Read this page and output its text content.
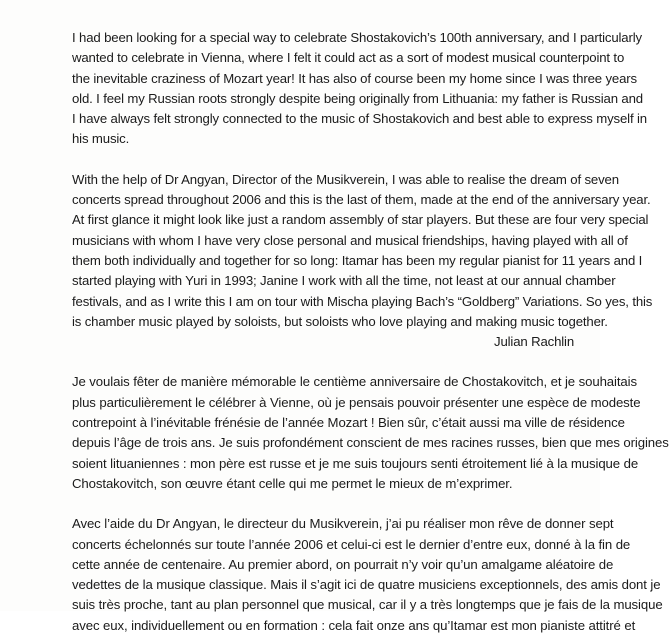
I had been looking for a special way to celebrate Shostakovich’s 100th anniversary, and I particularly
wanted to celebrate in Vienna, where I felt it could act as a sort of modest musical counterpoint to
the inevitable craziness of Mozart year! It has also of course been my home since I was three years
old. I feel my Russian roots strongly despite being originally from Lithuania: my father is Russian and
I have always felt strongly connected to the music of Shostakovich and best able to express myself in
his music.
With the help of Dr Angyan, Director of the Musikverein, I was able to realise the dream of seven
concerts spread throughout 2006 and this is the last of them, made at the end of the anniversary year.
At first glance it might look like just a random assembly of star players. But these are four very special
musicians with whom I have very close personal and musical friendships, having played with all of
them both individually and together for so long: Itamar has been my regular pianist for 11 years and I
started playing with Yuri in 1993; Janine I work with all the time, not least at our annual chamber
festivals, and as I write this I am on tour with Mischa playing Bach’s “Goldberg” Variations. So yes, this
is chamber music played by soloists, but soloists who love playing and making music together.
Julian Rachlin
Je voulais fêter de manière mémorable le centième anniversaire de Chostakovitch, et je souhaitais
plus particulièrement le célébrer à Vienne, où je pensais pouvoir présenter une espèce de modeste
contrepoint à l’inévitable frénésie de l’année Mozart ! Bien sûr, c’était aussi ma ville de résidence
depuis l’âge de trois ans. Je suis profondément conscient de mes racines russes, bien que mes origines
soient lituaniennes : mon père est russe et je me suis toujours senti étroitement lié à la musique de
Chostakovitch, son œuvre étant celle qui me permet le mieux de m’exprimer.
Avec l’aide du Dr Angyan, le directeur du Musikverein, j’ai pu réaliser mon rêve de donner sept
concerts échelonnés sur toute l’année 2006 et celui-ci est le dernier d’entre eux, donné à la fin de
cette année de centenaire. Au premier abord, on pourrait n’y voir qu’un amalgame aléatoire de
vedettes de la musique classique. Mais il s’agit ici de quatre musiciens exceptionnels, des amis dont je
suis très proche, tant au plan personnel que musical, car il y a très longtemps que je fais de la musique
avec eux, individuellement ou en formation : cela fait onze ans qu’Itamar est mon pianiste attitré et
